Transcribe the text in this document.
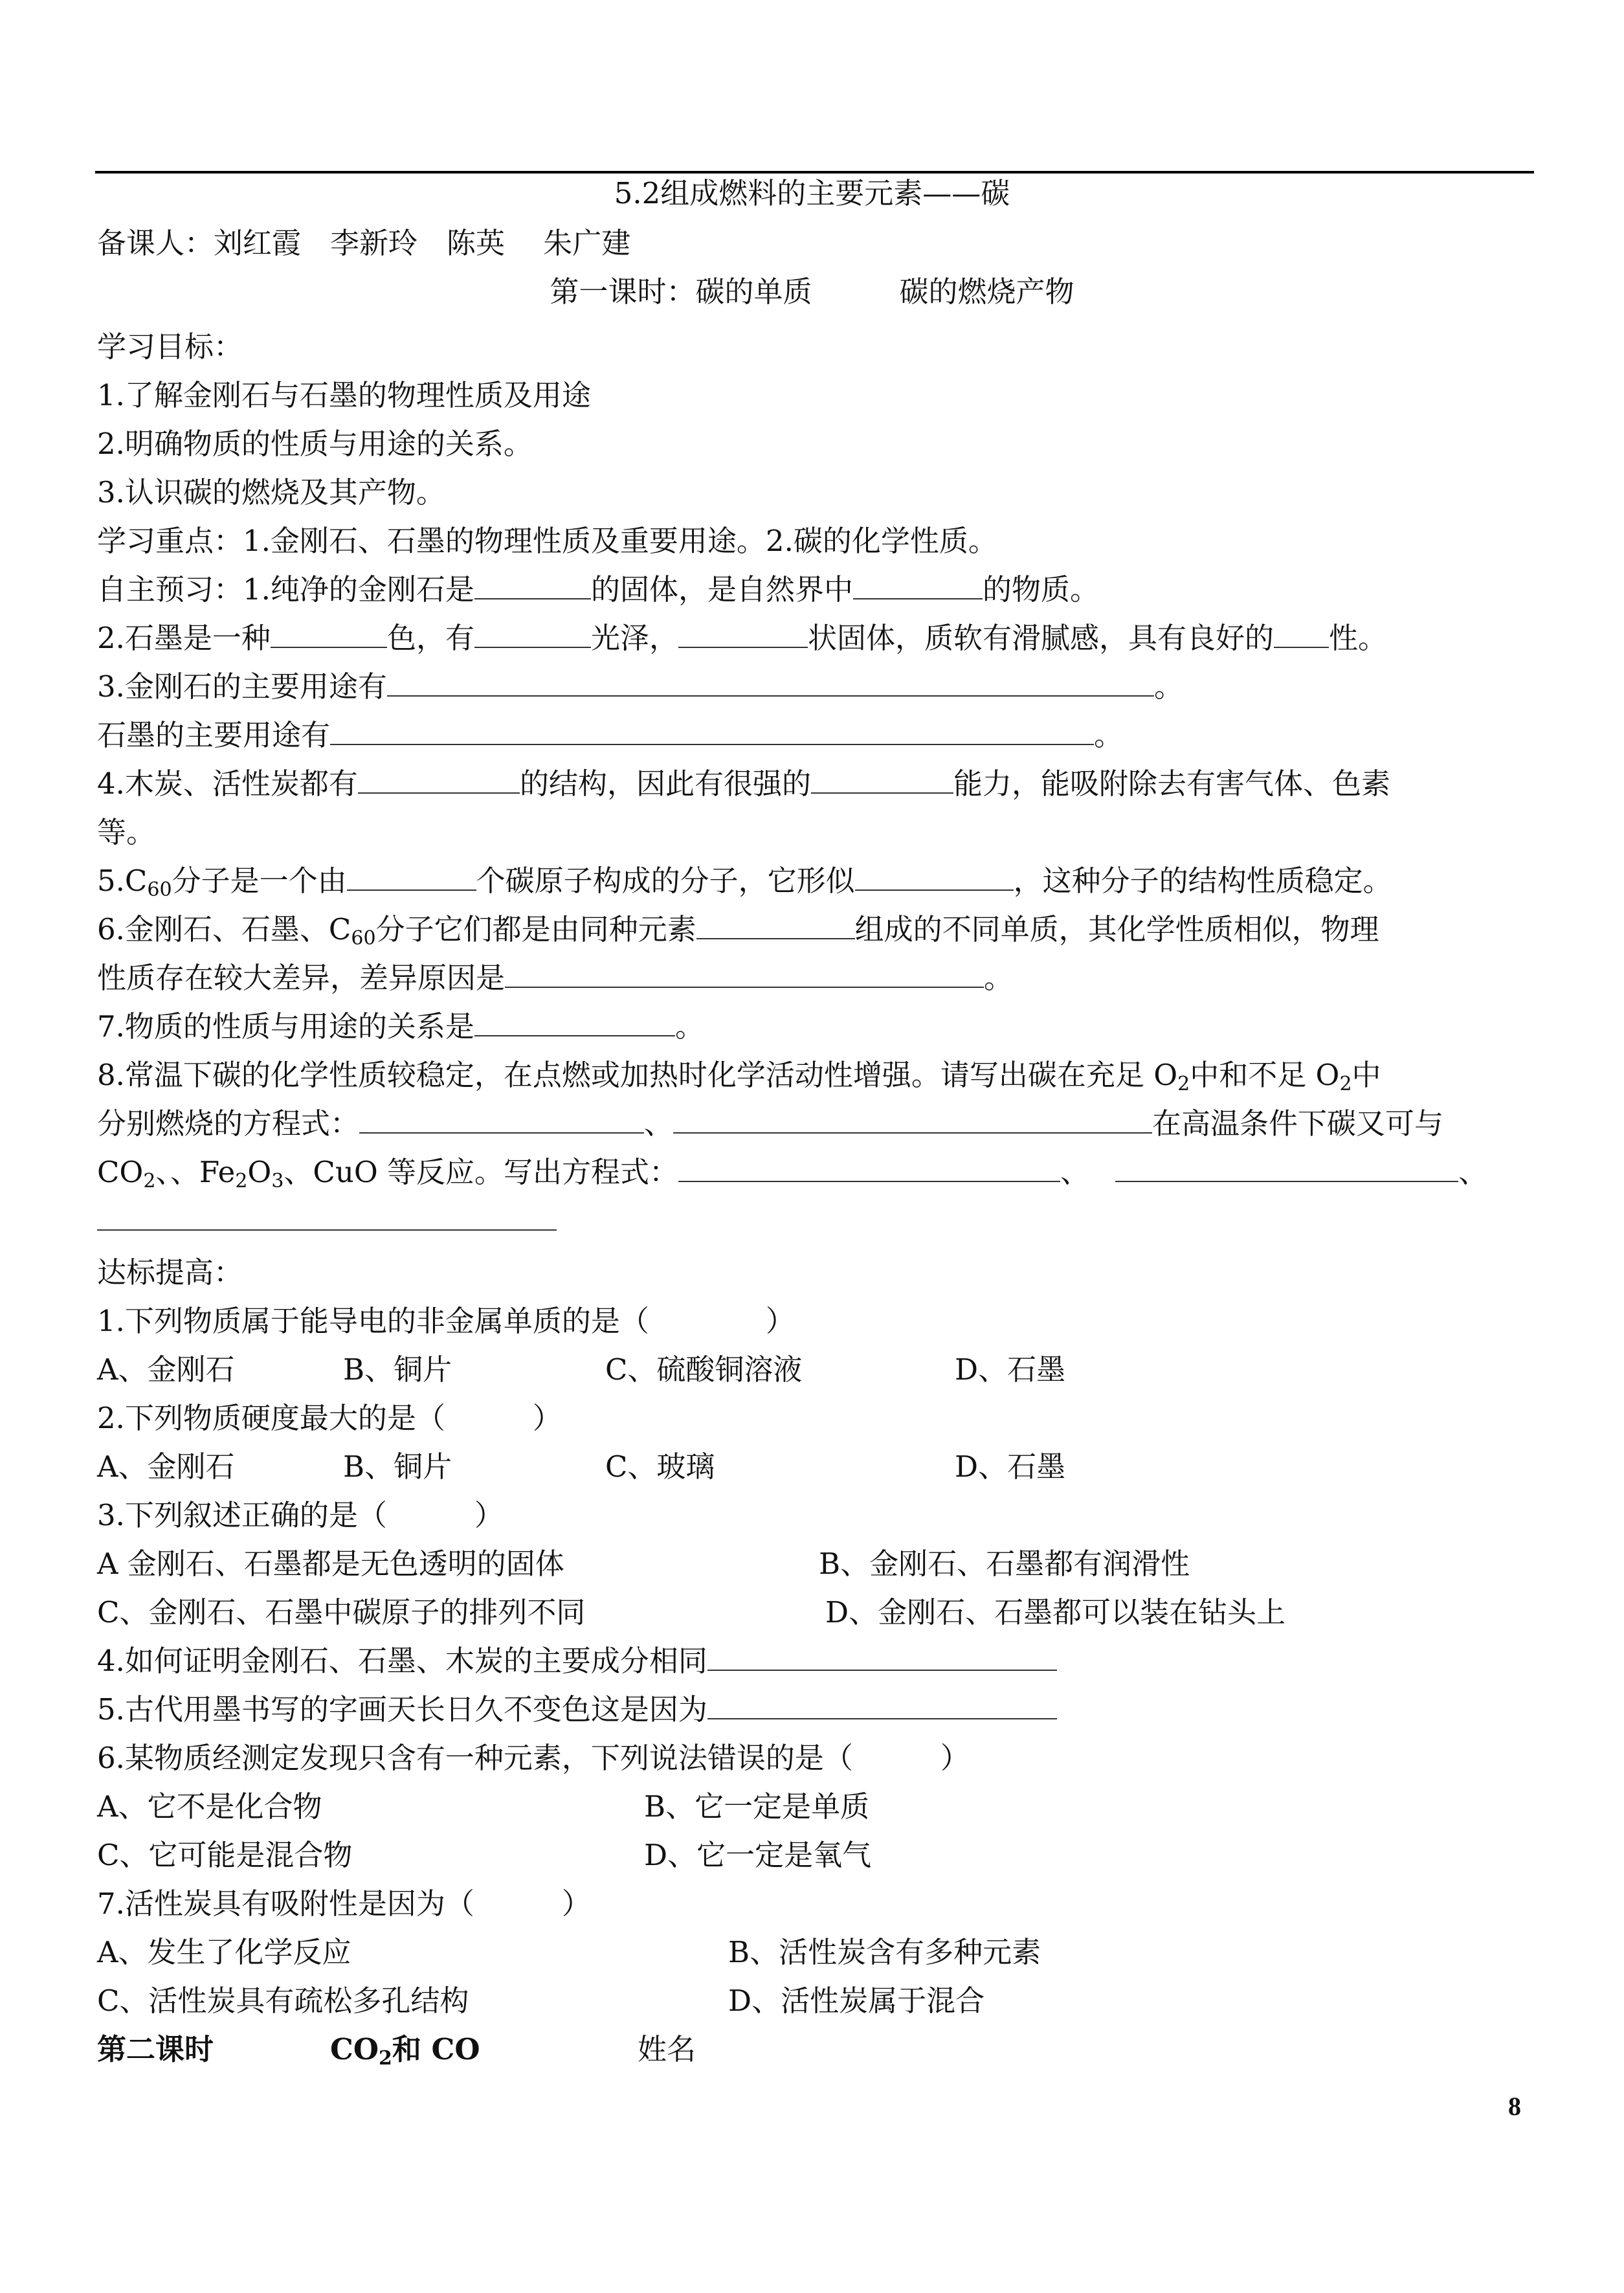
5.2组成燃料的主要元素——碳
备课人：刘红霞　李新玲　陈英　 朱广建
第一课时：碳的单质　　　碳的燃烧产物
学习目标：
1.了解金刚石与石墨的物理性质及用途
2.明确物质的性质与用途的关系。
3.认识碳的燃烧及其产物。
学习重点：1.金刚石、石墨的物理性质及重要用途。2.碳的化学性质。
自主预习：1.纯净的金刚石是	的固体，是自然界中	的物质。
2.石墨是一种	色，有	光泽，	状固体，质软有滑腻感，具有良好的 性。
3.金刚石的主要用途有	。
石墨的主要用途有	。
4.木炭、活性炭都有	的结构，因此有很强的	能力，能吸附除去有害气体、色素
等。
$5.C_{60}$分子是一个由	个碳原子构成的分子，它形似	，这种分子的结构性质稳定。
6.金刚石、石墨、$C_{60}$分子它们都是由同种元素	组成的不同单质，其化学性质相似，物理
性质存在较大差异，差异原因是	。
7.物质的性质与用途的关系是	。
8.常温下碳的化学性质较稳定，在点燃或加热时化学活动性增强。请写出碳在充足 $O_2$中和不足 $O_2$中
分别燃烧的方程式：	、	在高温条件下碳又可与
$CO_2$、、$Fe_2O_3$、CuO 等反应。写出方程式：	、	、
达标提高：
1.下列物质属于能导电的非金属单质的是（　　　　）
A、金刚石	B、铜片	C、硫酸铜溶液	D、石墨
2.下列物质硬度最大的是（　　　）
A、金刚石	B、铜片	C、玻璃	D、石墨
3.下列叙述正确的是（　　　）
A 金刚石、石墨都是无色透明的固体	B、金刚石、石墨都有润滑性
C、金刚石、石墨中碳原子的排列不同	D、金刚石、石墨都可以装在钻头上
4.如何证明金刚石、石墨、木炭的主要成分相同
5.古代用墨书写的字画天长日久不变色这是因为
6.某物质经测定发现只含有一种元素，下列说法错误的是（　　　）
A、它不是化合物	B、它一定是单质
C、它可能是混合物	D、它一定是氧气
7.活性炭具有吸附性是因为（　　　）
A、发生了化学反应	B、活性炭含有多种元素
C、活性炭具有疏松多孔结构	D、活性炭属于混合
第二课时	$CO_2$和 CO	姓名
8
